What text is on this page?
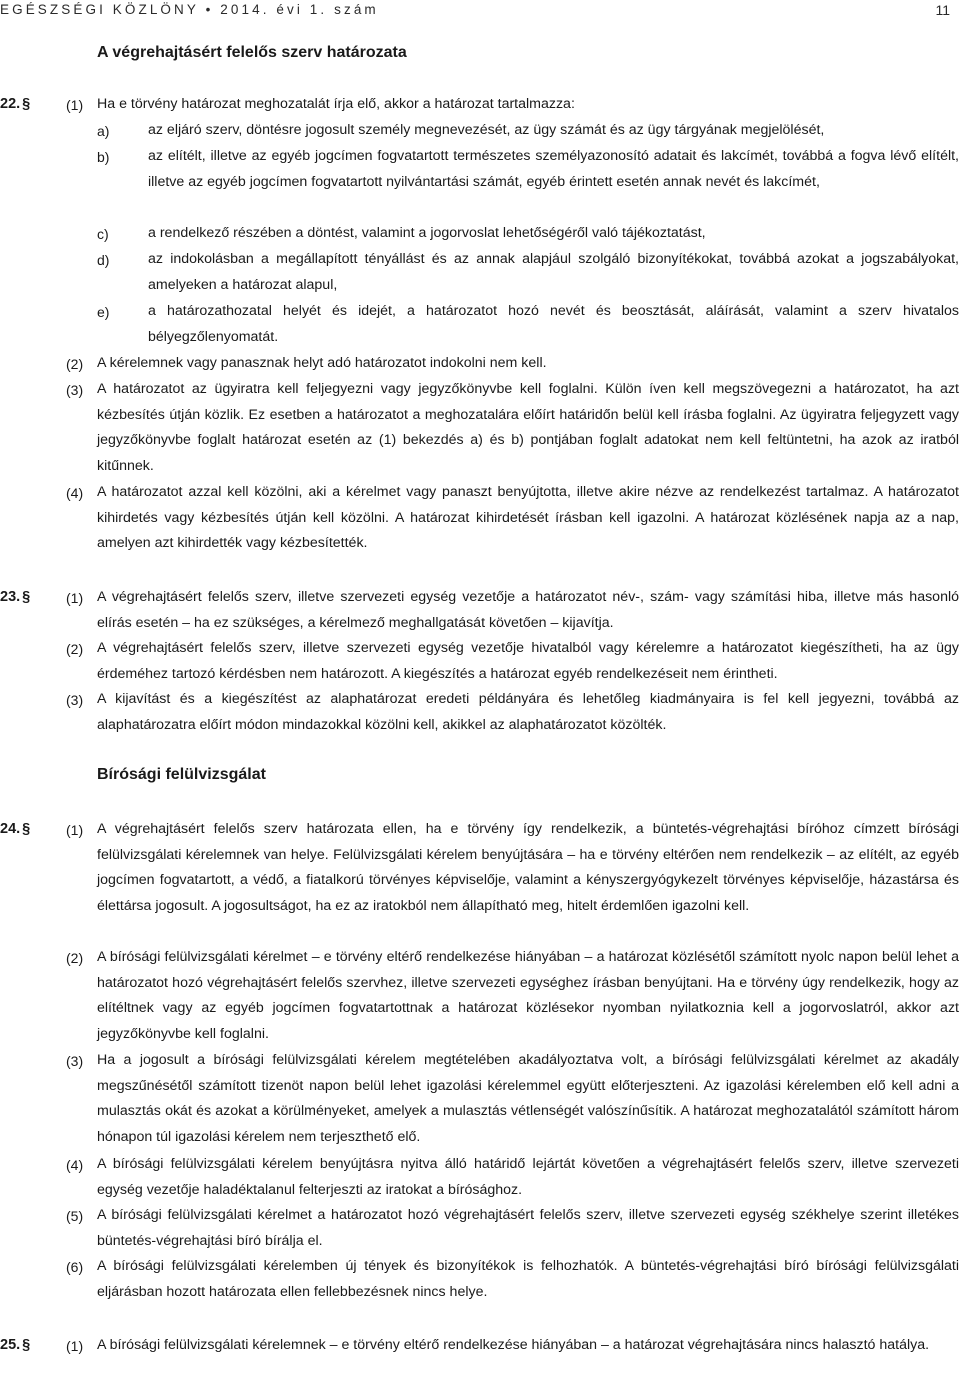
EGÉSZSÉGI KÖZLÖNY • 2014. évi 1. szám	11
A végrehajtásért felelős szerv határozata
22. §	(1) Ha e törvény határozat meghozatalát írja elő, akkor a határozat tartalmazza:
a)	az eljáró szerv, döntésre jogosult személy megnevezését, az ügy számát és az ügy tárgyának megjelölését,
b)	az elítélt, illetve az egyéb jogcímen fogvatartott természetes személyazonosító adatait és lakcímét, továbbá a fogva lévő elítélt, illetve az egyéb jogcímen fogvatartott nyilvántartási számát, egyéb érintett esetén annak nevét és lakcímét,
c)	a rendelkező részében a döntést, valamint a jogorvoslat lehetőségéről való tájékoztatást,
d)	az indokolásban a megállapított tényállást és az annak alapjául szolgáló bizonyítékokat, továbbá azokat a jogszabályokat, amelyeken a határozat alapul,
e)	a határozathozatal helyét és idejét, a határozatot hozó nevét és beosztását, aláírását, valamint a szerv hivatalos bélyegzőlenyomatát.
(2) A kérelemnek vagy panasznak helyt adó határozatot indokolni nem kell.
(3) A határozatot az ügyiratra kell feljegyezni vagy jegyzőkönyvbe kell foglalni. Külön íven kell megszövegezni a határozatot, ha azt kézbesítés útján közlik. Ez esetben a határozatot a meghozatalára előírt határidőn belül kell írásba foglalni. Az ügyiratra feljegyzett vagy jegyzőkönyvbe foglalt határozat esetén az (1) bekezdés a) és b) pontjában foglalt adatokat nem kell feltüntetni, ha azok az iratból kitűnnek.
(4) A határozatot azzal kell közölni, aki a kérelmet vagy panaszt benyújtotta, illetve akire nézve az rendelkezést tartalmaz. A határozatot kihirdetés vagy kézbesítés útján kell közölni. A határozat kihirdetését írásban kell igazolni. A határozat közlésének napja az a nap, amelyen azt kihirdették vagy kézbesítették.
23. §	(1) A végrehajtásért felelős szerv, illetve szervezeti egység vezetője a határozatot név-, szám- vagy számítási hiba, illetve más hasonló elírás esetén – ha ez szükséges, a kérelmező meghallgatását követően – kijavítja.
(2) A végrehajtásért felelős szerv, illetve szervezeti egység vezetője hivatalból vagy kérelemre a határozatot kiegészítheti, ha az ügy érdeméhez tartozó kérdésben nem határozott. A kiegészítés a határozat egyéb rendelkezéseit nem érintheti.
(3) A kijavítást és a kiegészítést az alaphatározat eredeti példányára és lehetőleg kiadmányaira is fel kell jegyezni, továbbá az alaphatározatra előírt módon mindazokkal közölni kell, akikkel az alaphatározatot közölték.
Bírósági felülvizsgálat
24. §	(1) A végrehajtásért felelős szerv határozata ellen, ha e törvény így rendelkezik, a büntetés-végrehajtási bíróhoz címzett bírósági felülvizsgálati kérelemnek van helye. Felülvizsgálati kérelem benyújtására – ha e törvény eltérően nem rendelkezik – az elítélt, az egyéb jogcímen fogvatartott, a védő, a fiatalkorú törvényes képviselője, valamint a kényszergyógykezelt törvényes képviselője, házastársa és élettársa jogosult. A jogosultságot, ha ez az iratokból nem állapítható meg, hitelt érdemlően igazolni kell.
(2) A bírósági felülvizsgálati kérelmet – e törvény eltérő rendelkezése hiányában – a határozat közlésétől számított nyolc napon belül lehet a határozatot hozó végrehajtásért felelős szervhez, illetve szervezeti egységhez írásban benyújtani. Ha e törvény úgy rendelkezik, hogy az elítéltnek vagy az egyéb jogcímen fogvatartottnak a határozat közlésekor nyomban nyilatkoznia kell a jogorvoslatról, akkor azt jegyzőkönyvbe kell foglalni.
(3) Ha a jogosult a bírósági felülvizsgálati kérelem megtételében akadályoztatva volt, a bírósági felülvizsgálati kérelmet az akadály megszűnésétől számított tizenöt napon belül lehet igazolási kérelemmel együtt előterjeszteni. Az igazolási kérelemben elő kell adni a mulasztás okát és azokat a körülményeket, amelyek a mulasztás vétlenségét valószínűsítik. A határozat meghozatalától számított három hónapon túl igazolási kérelem nem terjeszthető elő.
(4) A bírósági felülvizsgálati kérelem benyújtásra nyitva álló határidő lejártát követően a végrehajtásért felelős szerv, illetve szervezeti egység vezetője haladéktalanul felterjeszti az iratokat a bírósághoz.
(5) A bírósági felülvizsgálati kérelmet a határozatot hozó végrehajtásért felelős szerv, illetve szervezeti egység székhelye szerint illetékes büntetés-végrehajtási bíró bírálja el.
(6) A bírósági felülvizsgálati kérelemben új tények és bizonyítékok is felhozhatók. A büntetés-végrehajtási bíró bírósági felülvizsgálati eljárásban hozott határozata ellen fellebbezésnek nincs helye.
25. §	(1) A bírósági felülvizsgálati kérelemnek – e törvény eltérő rendelkezése hiányában – a határozat végrehajtására nincs halasztó hatálya.
